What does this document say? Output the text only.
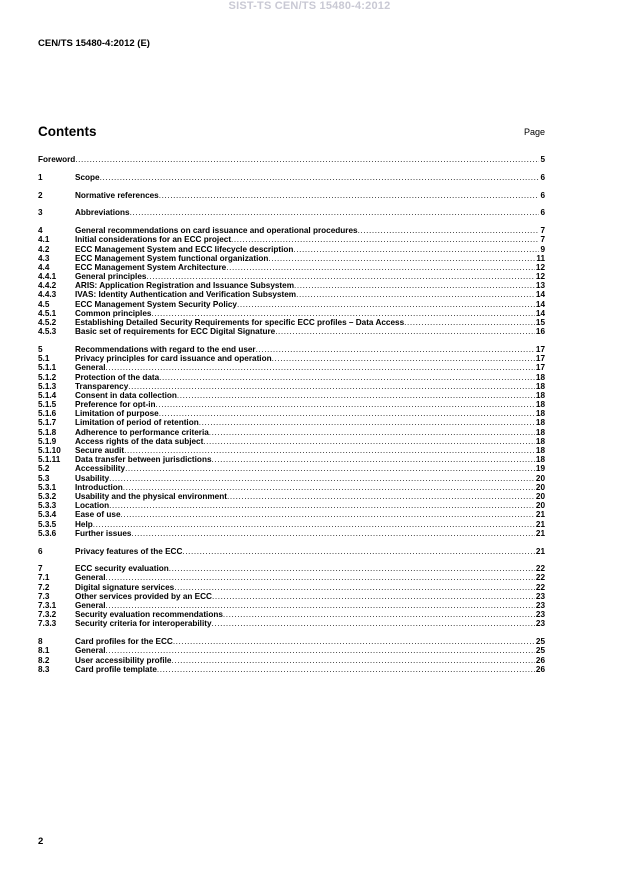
SIST-TS CEN/TS 15480-4:2012
CEN/TS 15480-4:2012 (E)
Contents	Page
Foreword .....	5
1	Scope .....	6
2	Normative references .....	6
3	Abbreviations .....	6
4	General recommendations on card issuance and operational procedures .....	7
4.1	Initial considerations for an ECC project .....	7
4.2	ECC Management System and ECC lifecycle description .....	9
4.3	ECC Management System functional organization .....	11
4.4	ECC Management System Architecture .....	12
4.4.1	General principles .....	12
4.4.2	ARIS: Application Registration and Issuance Subsystem .....	13
4.4.3	IVAS: Identity Authentication and Verification Subsystem .....	14
4.5	ECC Management System Security Policy .....	14
4.5.1	Common principles .....	14
4.5.2	Establishing Detailed Security Requirements for specific ECC profiles – Data Access .....	15
4.5.3	Basic set of requirements for ECC Digital Signature .....	16
5	Recommendations with regard to the end user .....	17
5.1	Privacy principles for card issuance and operation .....	17
5.1.1	General .....	17
5.1.2	Protection of the data .....	18
5.1.3	Transparency .....	18
5.1.4	Consent in data collection .....	18
5.1.5	Preference for opt-in .....	18
5.1.6	Limitation of purpose .....	18
5.1.7	Limitation of period of retention .....	18
5.1.8	Adherence to performance criteria .....	18
5.1.9	Access rights of the data subject .....	18
5.1.10	Secure audit .....	18
5.1.11	Data transfer between jurisdictions .....	18
5.2	Accessibility .....	19
5.3	Usability .....	20
5.3.1	Introduction .....	20
5.3.2	Usability and the physical environment .....	20
5.3.3	Location .....	20
5.3.4	Ease of use .....	21
5.3.5	Help .....	21
5.3.6	Further issues .....	21
6	Privacy features of the ECC .....	21
7	ECC security evaluation .....	22
7.1	General .....	22
7.2	Digital signature services .....	22
7.3	Other services provided by an ECC .....	23
7.3.1	General .....	23
7.3.2	Security evaluation recommendations .....	23
7.3.3	Security criteria for interoperability .....	23
8	Card profiles for the ECC .....	25
8.1	General .....	25
8.2	User accessibility profile .....	26
8.3	Card profile template .....	26
2
